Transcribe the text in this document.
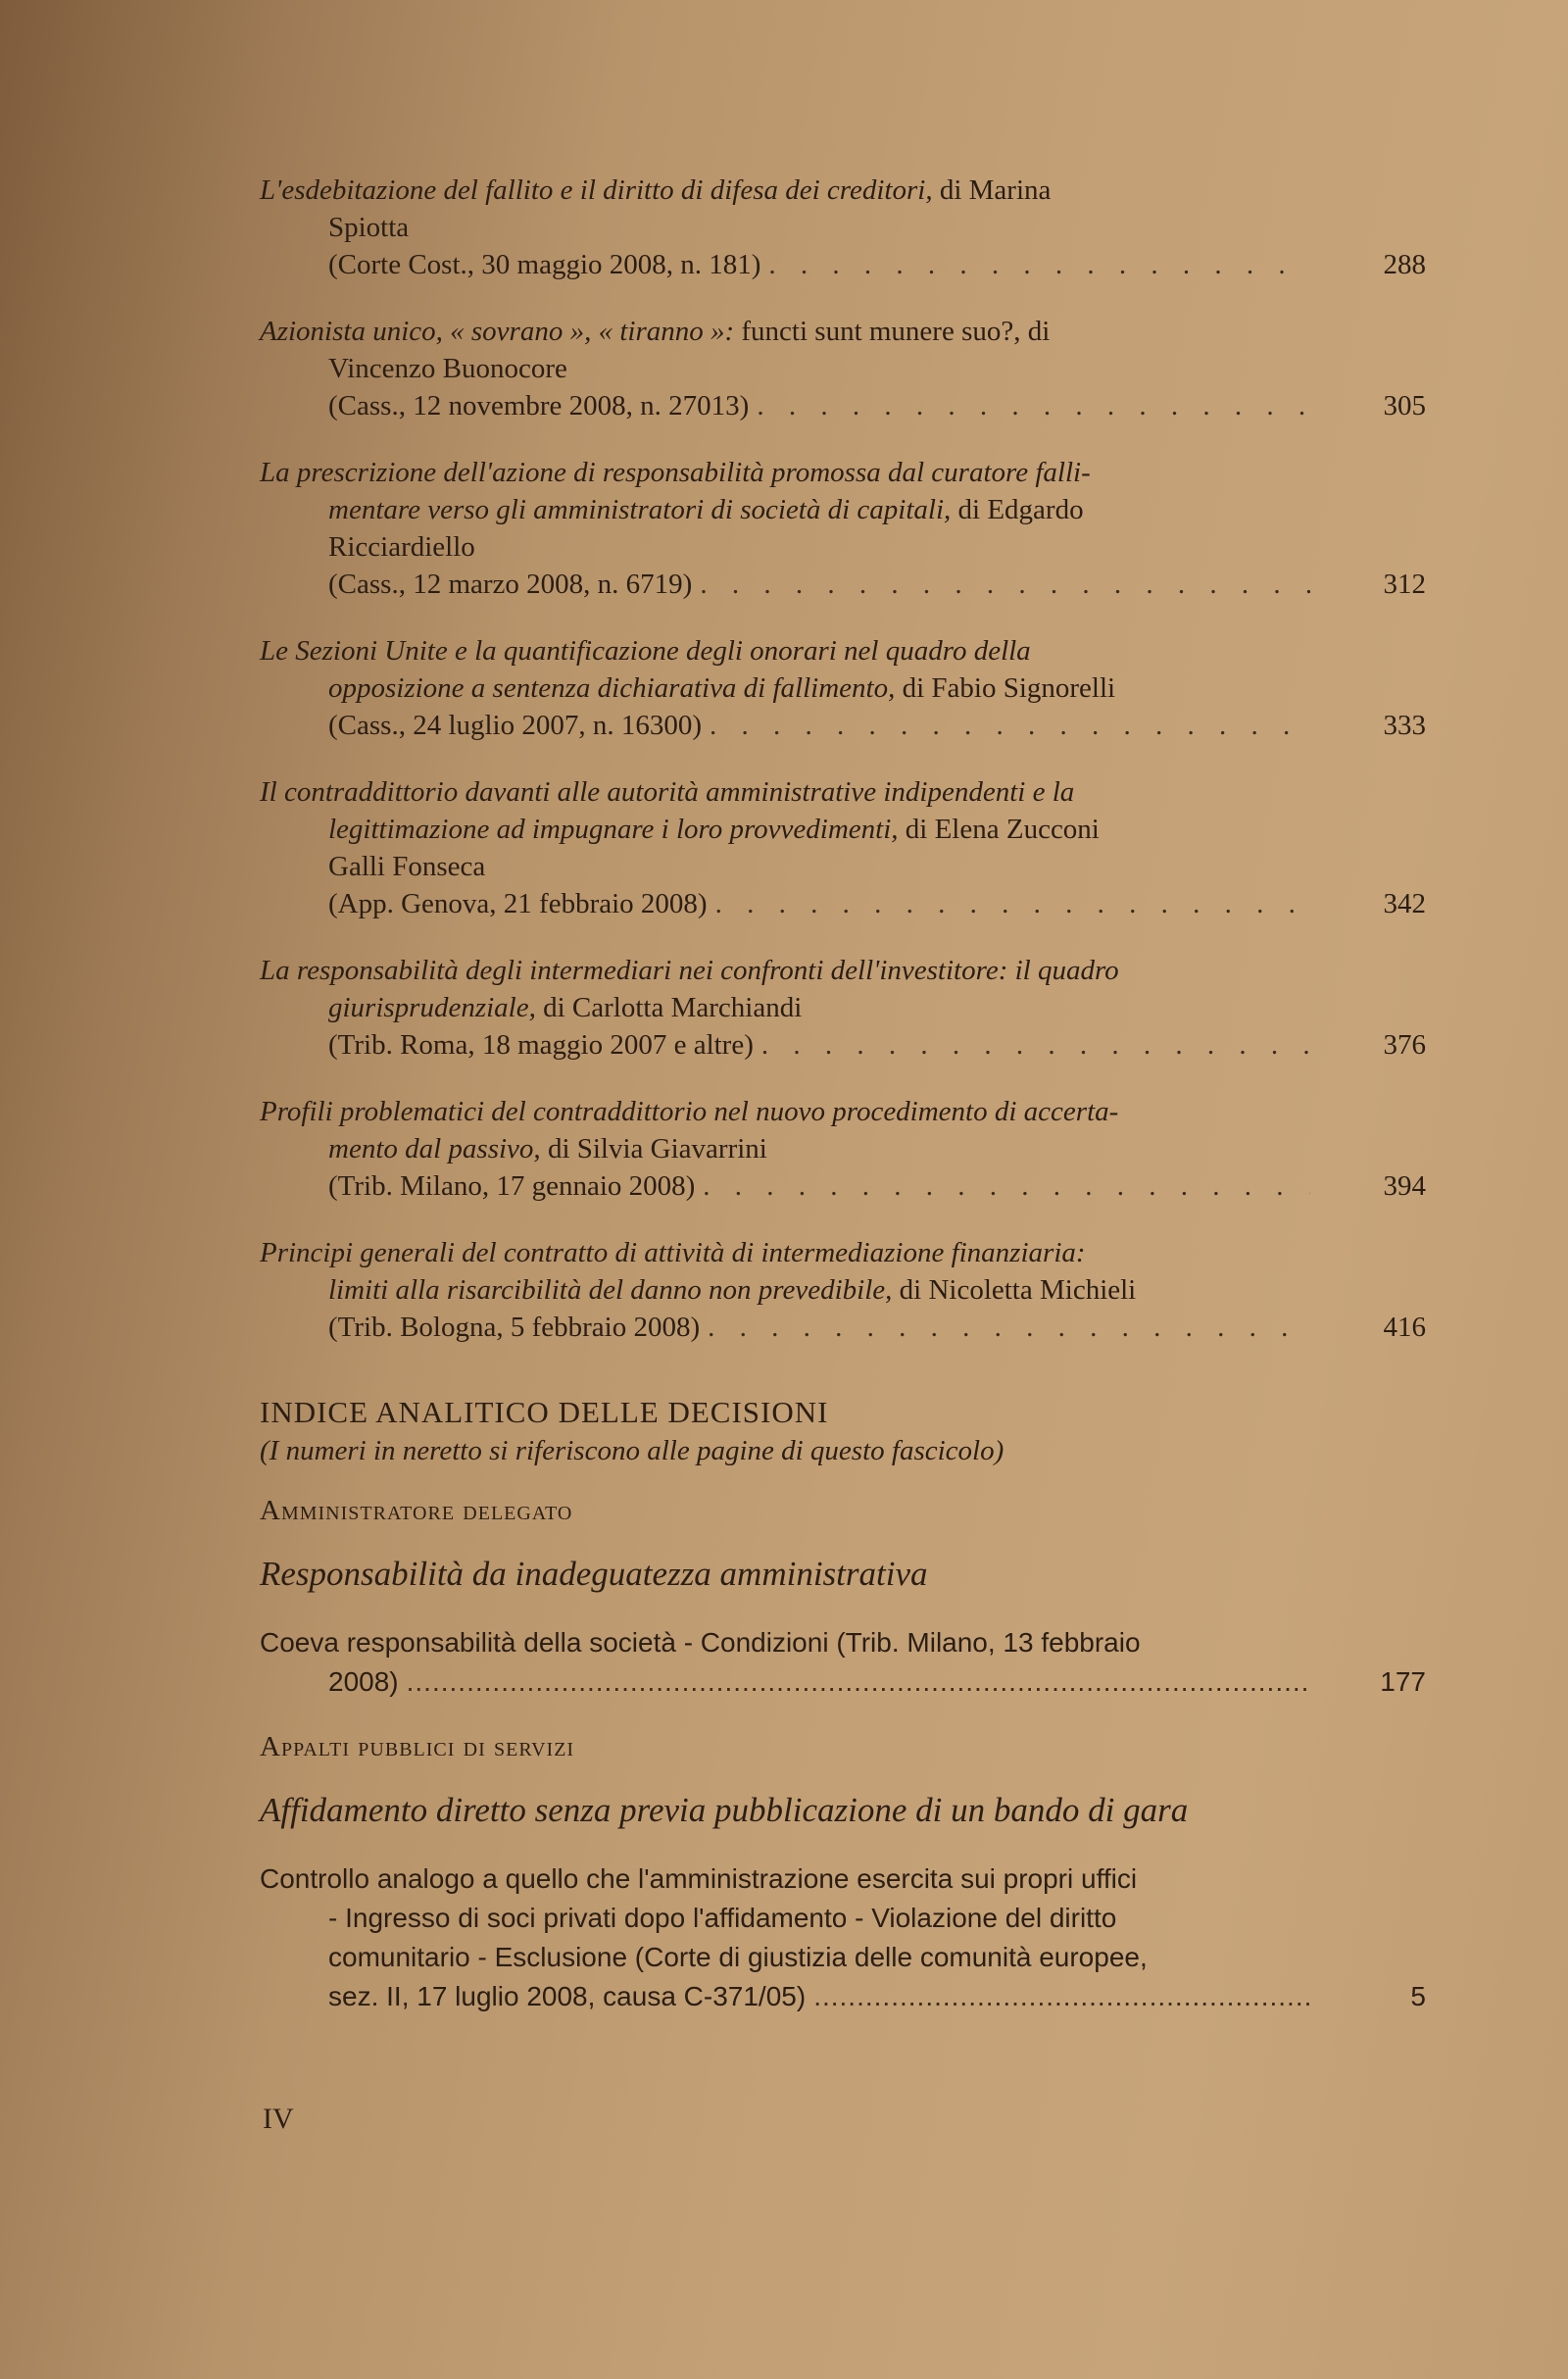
L'esdebitazione del fallito e il diritto di difesa dei creditori, di Marina
Spiotta
(Corte Cost., 30 maggio 2008, n. 181) . . .	288
Azionista unico, « sovrano », « tiranno »: functi sunt munere suo?, di
Vincenzo Buonocore
(Cass., 12 novembre 2008, n. 27013) . . .	305
La prescrizione dell'azione di responsabilità promossa dal curatore falli-
mentare verso gli amministratori di società di capitali, di Edgardo
Ricciardiello
(Cass., 12 marzo 2008, n. 6719) . . .	312
Le Sezioni Unite e la quantificazione degli onorari nel quadro della
opposizione a sentenza dichiarativa di fallimento, di Fabio Signorelli
(Cass., 24 luglio 2007, n. 16300) . . .	333
Il contraddittorio davanti alle autorità amministrative indipendenti e la
legittimazione ad impugnare i loro provvedimenti, di Elena Zucconi
Galli Fonseca
(App. Genova, 21 febbraio 2008) . . .	342
La responsabilità degli intermediari nei confronti dell'investitore: il quadro
giurisprudenziale, di Carlotta Marchiandi
(Trib. Roma, 18 maggio 2007 e altre) . . .	376
Profili problematici del contraddittorio nel nuovo procedimento di accerta-
mento dal passivo, di Silvia Giavarrini
(Trib. Milano, 17 gennaio 2008) . . .	394
Principi generali del contratto di attività di intermediazione finanziaria:
limiti alla risarcibilità del danno non prevedibile, di Nicoletta Michieli
(Trib. Bologna, 5 febbraio 2008) . . .	416
INDICE ANALITICO DELLE DECISIONI
(I numeri in neretto si riferiscono alle pagine di questo fascicolo)
Amministratore delegato
Responsabilità da inadeguatezza amministrativa
Coeva responsabilità della società - Condizioni (Trib. Milano, 13 febbraio
2008) .....	177
Appalti pubblici di servizi
Affidamento diretto senza previa pubblicazione di un bando di gara
Controllo analogo a quello che l'amministrazione esercita sui propri uffici
- Ingresso di soci privati dopo l'affidamento - Violazione del diritto
comunitario - Esclusione (Corte di giustizia delle comunità europee,
sez. II, 17 luglio 2008, causa C-371/05) .....	5
IV
